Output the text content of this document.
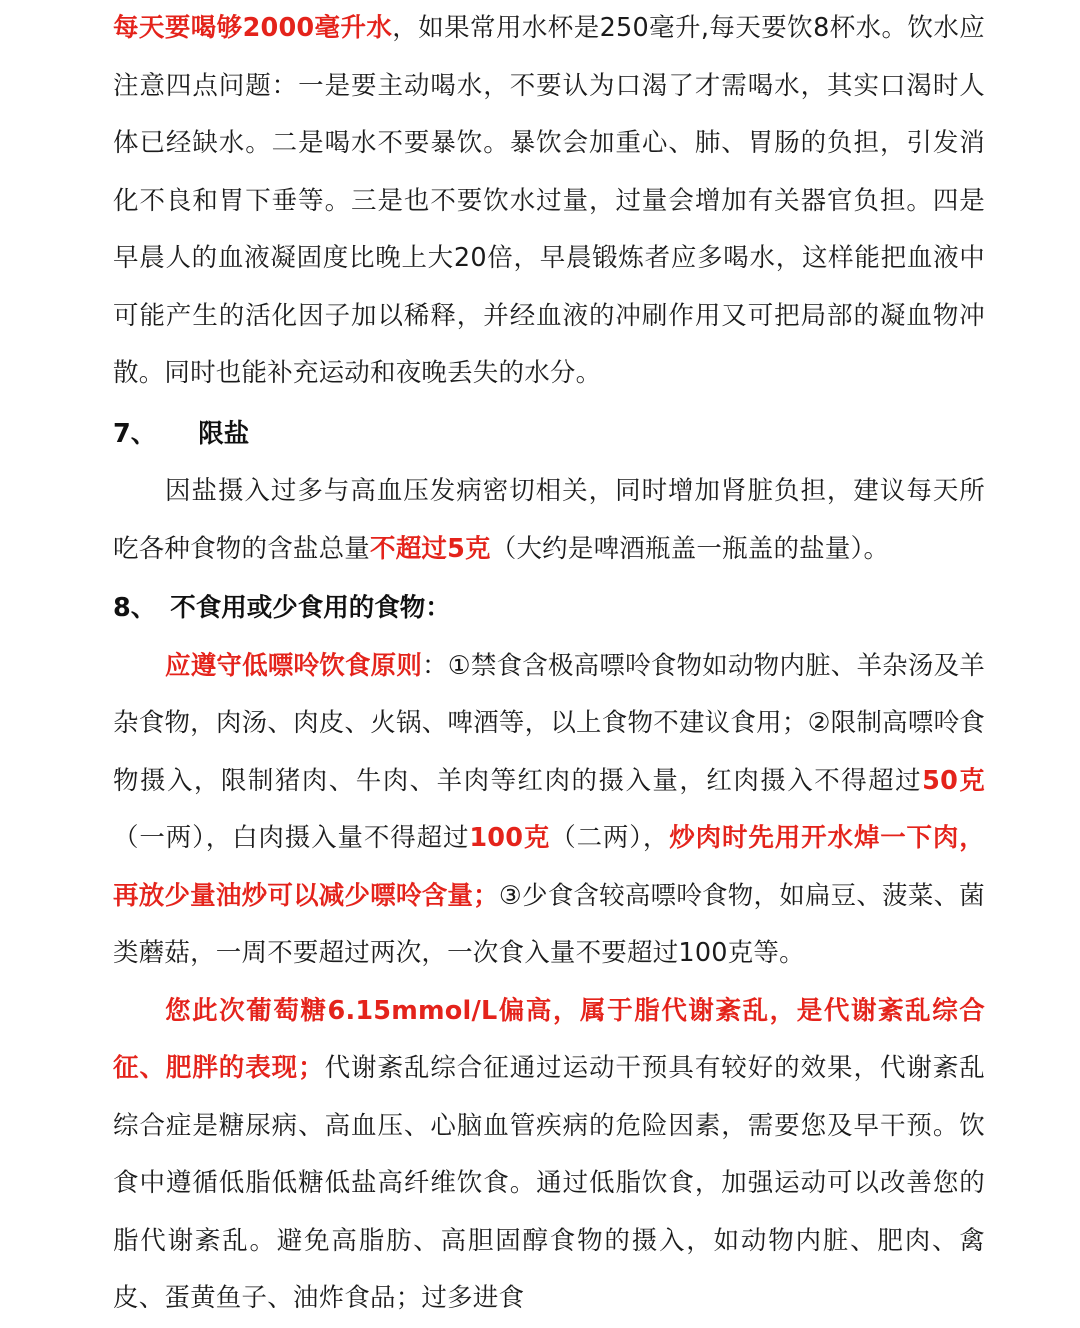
每天要喝够2000毫升水，如果常用水杯是250毫升,每天要饮8杯水。饮水应注意四点问题：一是要主动喝水，不要认为口渴了才需喝水，其实口渴时人体已经缺水。二是喝水不要暴饮。暴饮会加重心、肺、胃肠的负担，引发消化不良和胃下垂等。三是也不要饮水过量，过量会增加有关器官负担。四是早晨人的血液凝固度比晚上大20倍，早晨锻炼者应多喝水，这样能把血液中可能产生的活化因子加以稀释，并经血液的冲刷作用又可把局部的凝血物冲散。同时也能补充运动和夜晚丢失的水分。

7、 限盐

因盐摄入过多与高血压发病密切相关，同时增加肾脏负担，建议每天所吃各种食物的含盐总量不超过5克（大约是啤酒瓶盖一瓶盖的盐量）。

8、 不食用或少食用的食物：

应遵守低嘌呤饮食原则：①禁食含极高嘌呤食物如动物内脏、羊杂汤及羊杂食物，肉汤、肉皮、火锅、啤酒等，以上食物不建议食用；②限制高嘌呤食物摄入，限制猪肉、牛肉、羊肉等红肉的摄入量，红肉摄入不得超过50克（一两），白肉摄入量不得超过100克（二两），炒肉时先用开水焯一下肉，再放少量油炒可以减少嘌呤含量；③少食含较高嘌呤食物，如扁豆、菠菜、菌类蘑菇，一周不要超过两次，一次食入量不要超过100克等。

您此次葡萄糖6.15mmol/L偏高，属于脂代谢紊乱，是代谢紊乱综合征、肥胖的表现；代谢紊乱综合征通过运动干预具有较好的效果，代谢紊乱综合症是糖尿病、高血压、心脑血管疾病的危险因素，需要您及早干预。饮食中遵循低脂低糖低盐高纤维饮食。通过低脂饮食，加强运动可以改善您的脂代谢紊乱。避免高脂肪、高胆固醇食物的摄入，如动物内脏、肥肉、禽皮、蛋黄鱼子、油炸食品；过多进食
